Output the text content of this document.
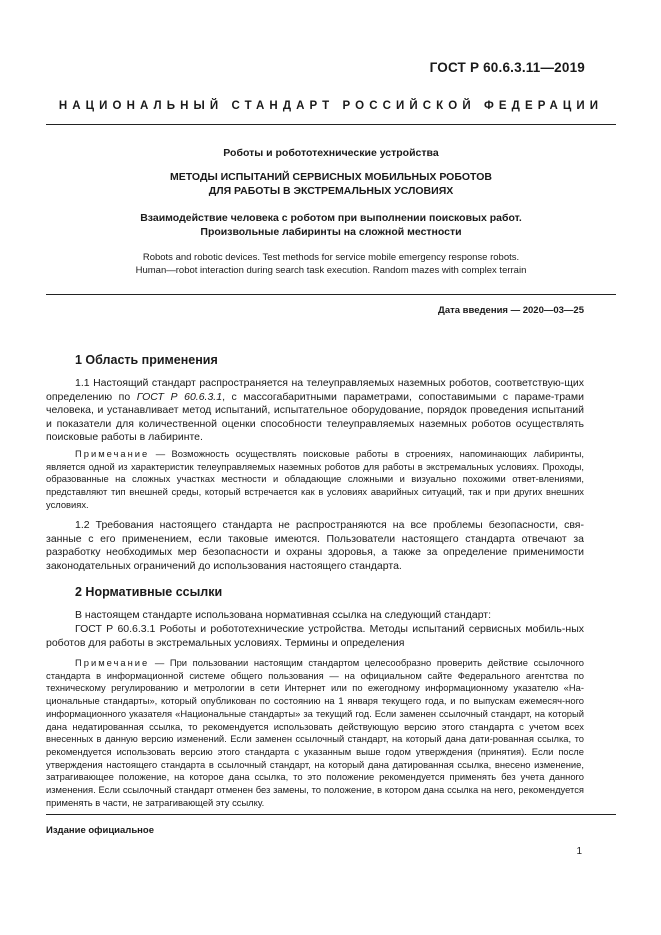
ГОСТ Р 60.6.3.11—2019
НАЦИОНАЛЬНЫЙ СТАНДАРТ РОССИЙСКОЙ ФЕДЕРАЦИИ
Роботы и робототехнические устройства
МЕТОДЫ ИСПЫТАНИЙ СЕРВИСНЫХ МОБИЛЬНЫХ РОБОТОВ
ДЛЯ РАБОТЫ В ЭКСТРЕМАЛЬНЫХ УСЛОВИЯХ
Взаимодействие человека с роботом при выполнении поисковых работ.
Произвольные лабиринты на сложной местности
Robots and robotic devices. Test methods for service mobile emergency response robots.
Human—robot interaction during search task execution. Random mazes with complex terrain
Дата введения — 2020—03—25
1 Область применения

1.1 Настоящий стандарт распространяется на телеуправляемых наземных роботов, соответствую-щих определению по ГОСТ Р 60.6.3.1, с массогабаритными параметрами, сопоставимыми с параме-трами человека, и устанавливает метод испытаний, испытательное оборудование, порядок проведения испытаний и показатели для количественной оценки способности телеуправляемых наземных роботов осуществлять поисковые работы в лабиринте.

Примечание — Возможность осуществлять поисковые работы в строениях, напоминающих лабиринты, является одной из характеристик телеуправляемых наземных роботов для работы в экстремальных условиях. Проходы, образованные на сложных участках местности и обладающие сложными и визуально похожими ответ-влениями, представляют тип внешней среды, который встречается как в условиях аварийных ситуаций, так и при других внешних условиях.

1.2 Требования настоящего стандарта не распространяются на все проблемы безопасности, свя-занные с его применением, если таковые имеются. Пользователи настоящего стандарта отвечают за разработку необходимых мер безопасности и охраны здоровья, а также за определение применимости законодательных ограничений до использования настоящего стандарта.

2 Нормативные ссылки

В настоящем стандарте использована нормативная ссылка на следующий стандарт:

ГОСТ Р 60.6.3.1 Роботы и робототехнические устройства. Методы испытаний сервисных мобиль-ных роботов для работы в экстремальных условиях. Термины и определения

Примечание — При пользовании настоящим стандартом целесообразно проверить действие ссылочного стандарта в информационной системе общего пользования — на официальном сайте Федерального агентства по техническому регулированию и метрологии в сети Интернет или по ежегодному информационному указателю «На-циональные стандарты», который опубликован по состоянию на 1 января текущего года, и по выпускам ежемесяч-ного информационного указателя «Национальные стандарты» за текущий год. Если заменен ссылочный стандарт, на который дана недатированная ссылка, то рекомендуется использовать действующую версию этого стандарта с учетом всех внесенных в данную версию изменений. Если заменен ссылочный стандарт, на который дана дати-рованная ссылка, то рекомендуется использовать версию этого стандарта с указанным выше годом утверждения (принятия). Если после утверждения настоящего стандарта в ссылочный стандарт, на который дана датированная ссылка, внесено изменение, затрагивающее положение, на которое дана ссылка, то это положение рекомендуется применять без учета данного изменения. Если ссылочный стандарт отменен без замены, то положение, в котором дана ссылка на него, рекомендуется применять в части, не затрагивающей эту ссылку.

Издание официальное
1
